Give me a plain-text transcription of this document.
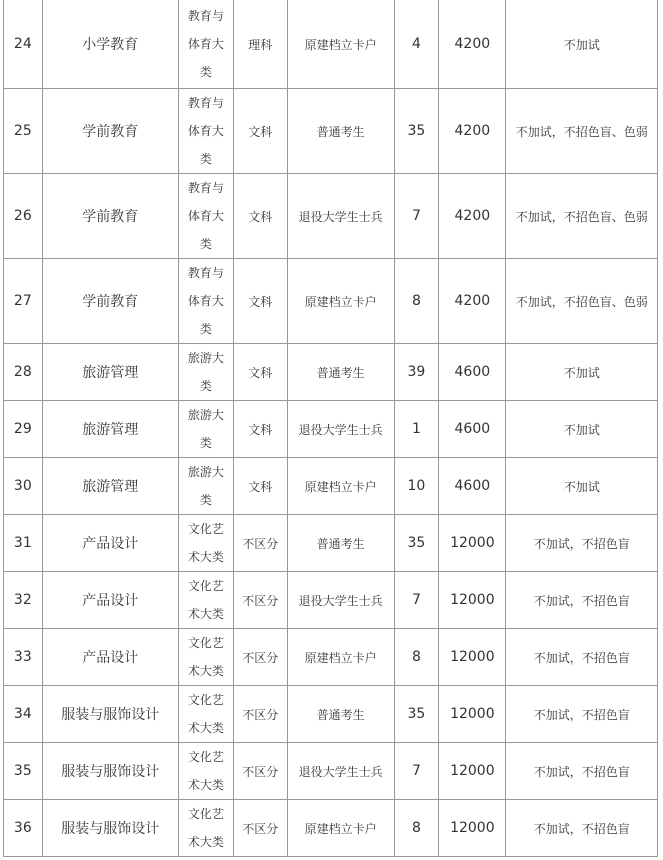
24	小学教育	教育与
体育大
类	理科	原建档立卡户	4	4200	不加试
25	学前教育	教育与
体育大
类	文科	普通考生	35	4200	不加试，不招色盲、色弱
26	学前教育	教育与
体育大
类	文科	退役大学生士兵	7	4200	不加试，不招色盲、色弱
27	学前教育	教育与
体育大
类	文科	原建档立卡户	8	4200	不加试，不招色盲、色弱
28	旅游管理	旅游大
类	文科	普通考生	39	4600	不加试
29	旅游管理	旅游大
类	文科	退役大学生士兵	1	4600	不加试
30	旅游管理	旅游大
类	文科	原建档立卡户	10	4600	不加试
31	产品设计	文化艺
术大类	不区分	普通考生	35	12000	不加试，不招色盲
32	产品设计	文化艺
术大类	不区分	退役大学生士兵	7	12000	不加试，不招色盲
33	产品设计	文化艺
术大类	不区分	原建档立卡户	8	12000	不加试，不招色盲
34	服装与服饰设计	文化艺
术大类	不区分	普通考生	35	12000	不加试，不招色盲
35	服装与服饰设计	文化艺
术大类	不区分	退役大学生士兵	7	12000	不加试，不招色盲
36	服装与服饰设计	文化艺
术大类	不区分	原建档立卡户	8	12000	不加试，不招色盲
